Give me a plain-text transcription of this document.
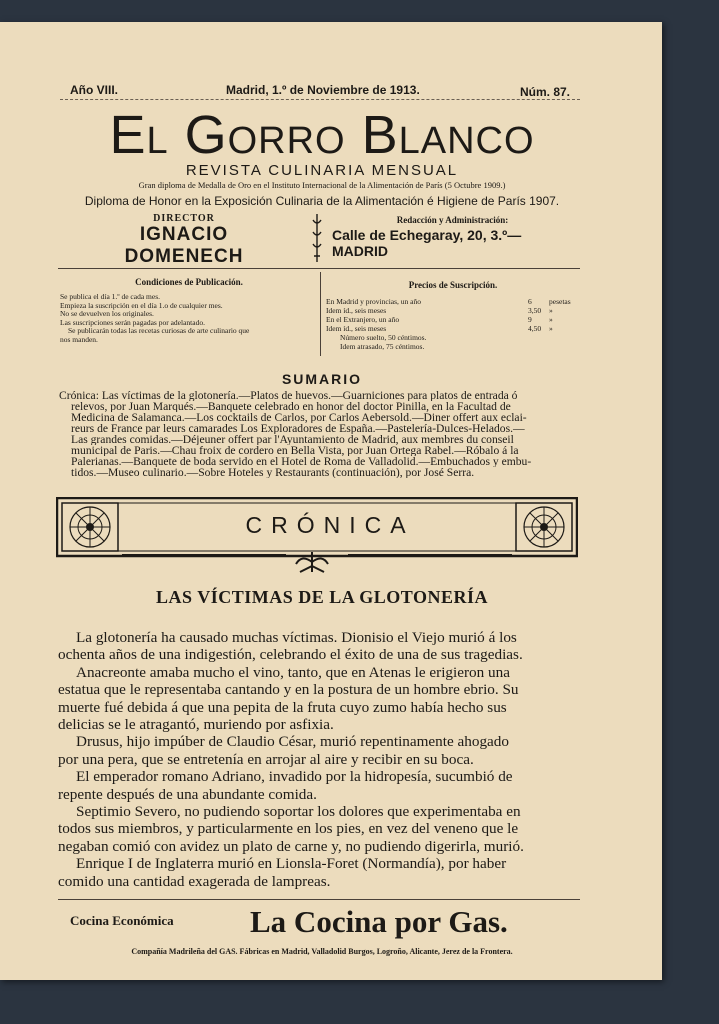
Año VIII.	Madrid, 1.º de Noviembre de 1913.	Núm. 87.
El Gorro Blanco
REVISTA CULINARIA MENSUAL
Gran diploma de Medalla de Oro en el Instituto Internacional de la Alimentación de París (5 Octubre 1909.)
Diploma de Honor en la Exposición Culinaria de la Alimentación é Higiene de París 1907.
DIRECTOR
IGNACIO DOMENECH
Redacción y Administración:
Calle de Echegaray, 20, 3.º— MADRID
Condiciones de Publicación.
Se publica el día 1.º de cada mes.
Empieza la suscripción en el día 1.o de cualquier mes.
No se devuelven los originales.
Las suscripciones serán pagadas por adelantado.
Se publicarán todas las recetas curiosas de arte culinario que
nos manden.
Precios de Suscripción.
En Madrid y provincias, un año	6 pesetas
Idem íd., seis meses	3,50 »
En el Extranjero, un año	9 »
Idem íd., seis meses	4,50 »
Número suelto, 50 céntimos.
Idem atrasado, 75 céntimos.
SUMARIO
Crónica: Las víctimas de la glotonería.—Platos de huevos.—Guarniciones para platos de entrada ó
relevos, por Juan Marqués.—Banquete celebrado en honor del doctor Pinilla, en la Facultad de
Medicina de Salamanca.—Los cocktails de Carlos, por Carlos Aebersold.—Diner offert aux eclai-
reurs de France par leurs camarades Los Exploradores de España.—Pastelería-Dulces-Helados.—
Las grandes comidas.—Déjeuner offert par l'Ayuntamiento de Madrid, aux membres du conseil
municipal de Paris.—Chau froix de cordero en Bella Vista, por Juan Ortega Rabel.—Róbalo á la
Palerianas.—Banquete de boda servido en el Hotel de Roma de Valladolid.—Embuchados y embu-
tidos.—Museo culinario.—Sobre Hoteles y Restaurants (continuación), por José Serra.
CRÓNICA
LAS VÍCTIMAS DE LA GLOTONERÍA
La glotonería ha causado muchas víctimas. Dionisio el Viejo murió á los
ochenta años de una indigestión, celebrando el éxito de una de sus tragedias.
Anacreonte amaba mucho el vino, tanto, que en Atenas le erigieron una
estatua que le representaba cantando y en la postura de un hombre ebrio. Su
muerte fué debida á que una pepita de la fruta cuyo zumo había hecho sus
delicias se le atragantó, muriendo por asfixia.
Drusus, hijo impúber de Claudio César, murió repentinamente ahogado
por una pera, que se entretenía en arrojar al aire y recibir en su boca.
El emperador romano Adriano, invadido por la hidropesía, sucumbió de
repente después de una abundante comida.
Septimio Severo, no pudiendo soportar los dolores que experimentaba en
todos sus miembros, y particularmente en los pies, en vez del veneno que le
negaban comió con avidez un plato de carne y, no pudiendo digerirla, murió.
Enrique I de Inglaterra murió en Lionsla-Foret (Normandía), por haber
comido una cantidad exagerada de lampreas.
Cocina Económica	La Cocina por Gas.
Compañía Madrileña del GAS. Fábricas en Madrid, Valladolid Burgos, Logroño, Alicante, Jerez de la Frontera.
